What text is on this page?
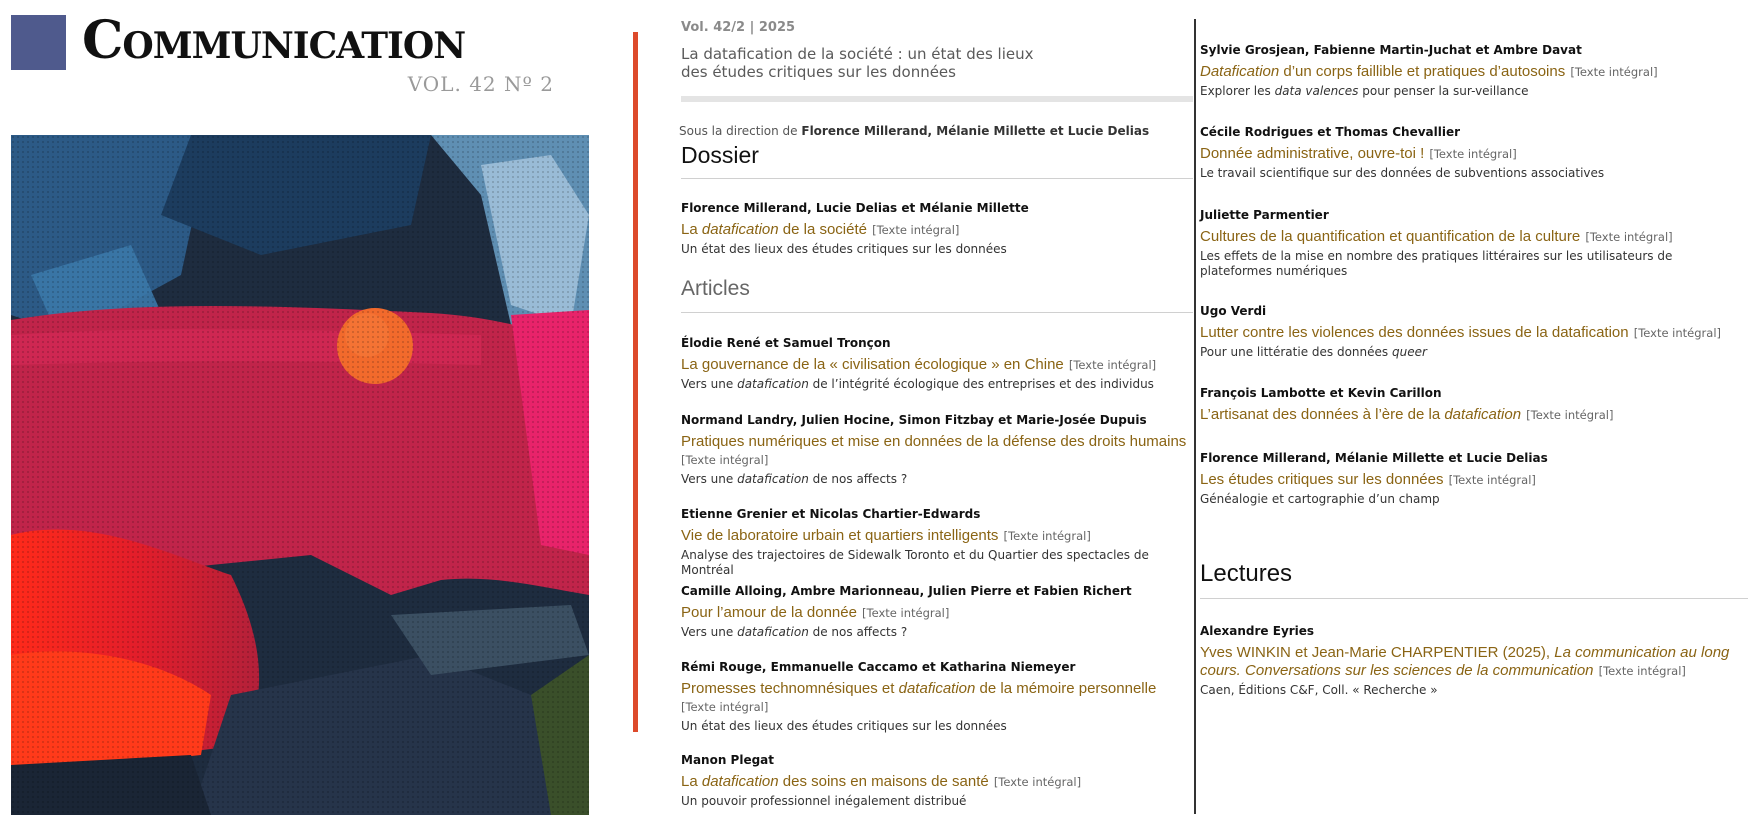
Communication
VOL. 42 Nº 2

Vol. 42/2 | 2025

La datafication de la société : un état des lieux des études critiques sur les données

Sous la direction de Florence Millerand, Mélanie Millette et Lucie Delias

Dossier

Florence Millerand, Lucie Delias et Mélanie Millette

La datafication de la société [Texte intégral]

Un état des lieux des études critiques sur les données

Articles

Élodie René et Samuel Tronçon

La gouvernance de la « civilisation écologique » en Chine [Texte intégral]

Vers une datafication de l’intégrité écologique des entreprises et des individus

Normand Landry, Julien Hocine, Simon Fitzbay et Marie-Josée Dupuis

Pratiques numériques et mise en données de la défense des droits humains [Texte intégral]

Vers une datafication de nos affects ?

Etienne Grenier et Nicolas Chartier-Edwards

Vie de laboratoire urbain et quartiers intelligents [Texte intégral]

Analyse des trajectoires de Sidewalk Toronto et du Quartier des spectacles de Montréal

Camille Alloing, Ambre Marionneau, Julien Pierre et Fabien Richert

Pour l’amour de la donnée [Texte intégral]

Vers une datafication de nos affects ?

Rémi Rouge, Emmanuelle Caccamo et Katharina Niemeyer

Promesses technomnésiques et datafication de la mémoire personnelle [Texte intégral]

Un état des lieux des études critiques sur les données

Manon Plegat

La datafication des soins en maisons de santé [Texte intégral]

Un pouvoir professionnel inégalement distribué

Sylvie Grosjean, Fabienne Martin-Juchat et Ambre Davat

Datafication d’un corps faillible et pratiques d’autosoins [Texte intégral]

Explorer les data valences pour penser la sur-veillance

Cécile Rodrigues et Thomas Chevallier

Donnée administrative, ouvre-toi ! [Texte intégral]

Le travail scientifique sur des données de subventions associatives

Juliette Parmentier

Cultures de la quantification et quantification de la culture [Texte intégral]

Les effets de la mise en nombre des pratiques littéraires sur les utilisateurs de plateformes numériques

Ugo Verdi

Lutter contre les violences des données issues de la datafication [Texte intégral]

Pour une littératie des données queer

François Lambotte et Kevin Carillon

L’artisanat des données à l’ère de la datafication [Texte intégral]

Florence Millerand, Mélanie Millette et Lucie Delias

Les études critiques sur les données [Texte intégral]

Généalogie et cartographie d’un champ

Lectures

Alexandre Eyries

Yves WINKIN et Jean-Marie CHARPENTIER (2025), La communication au long cours. Conversations sur les sciences de la communication [Texte intégral]

Caen, Éditions C&F, Coll. « Recherche »
